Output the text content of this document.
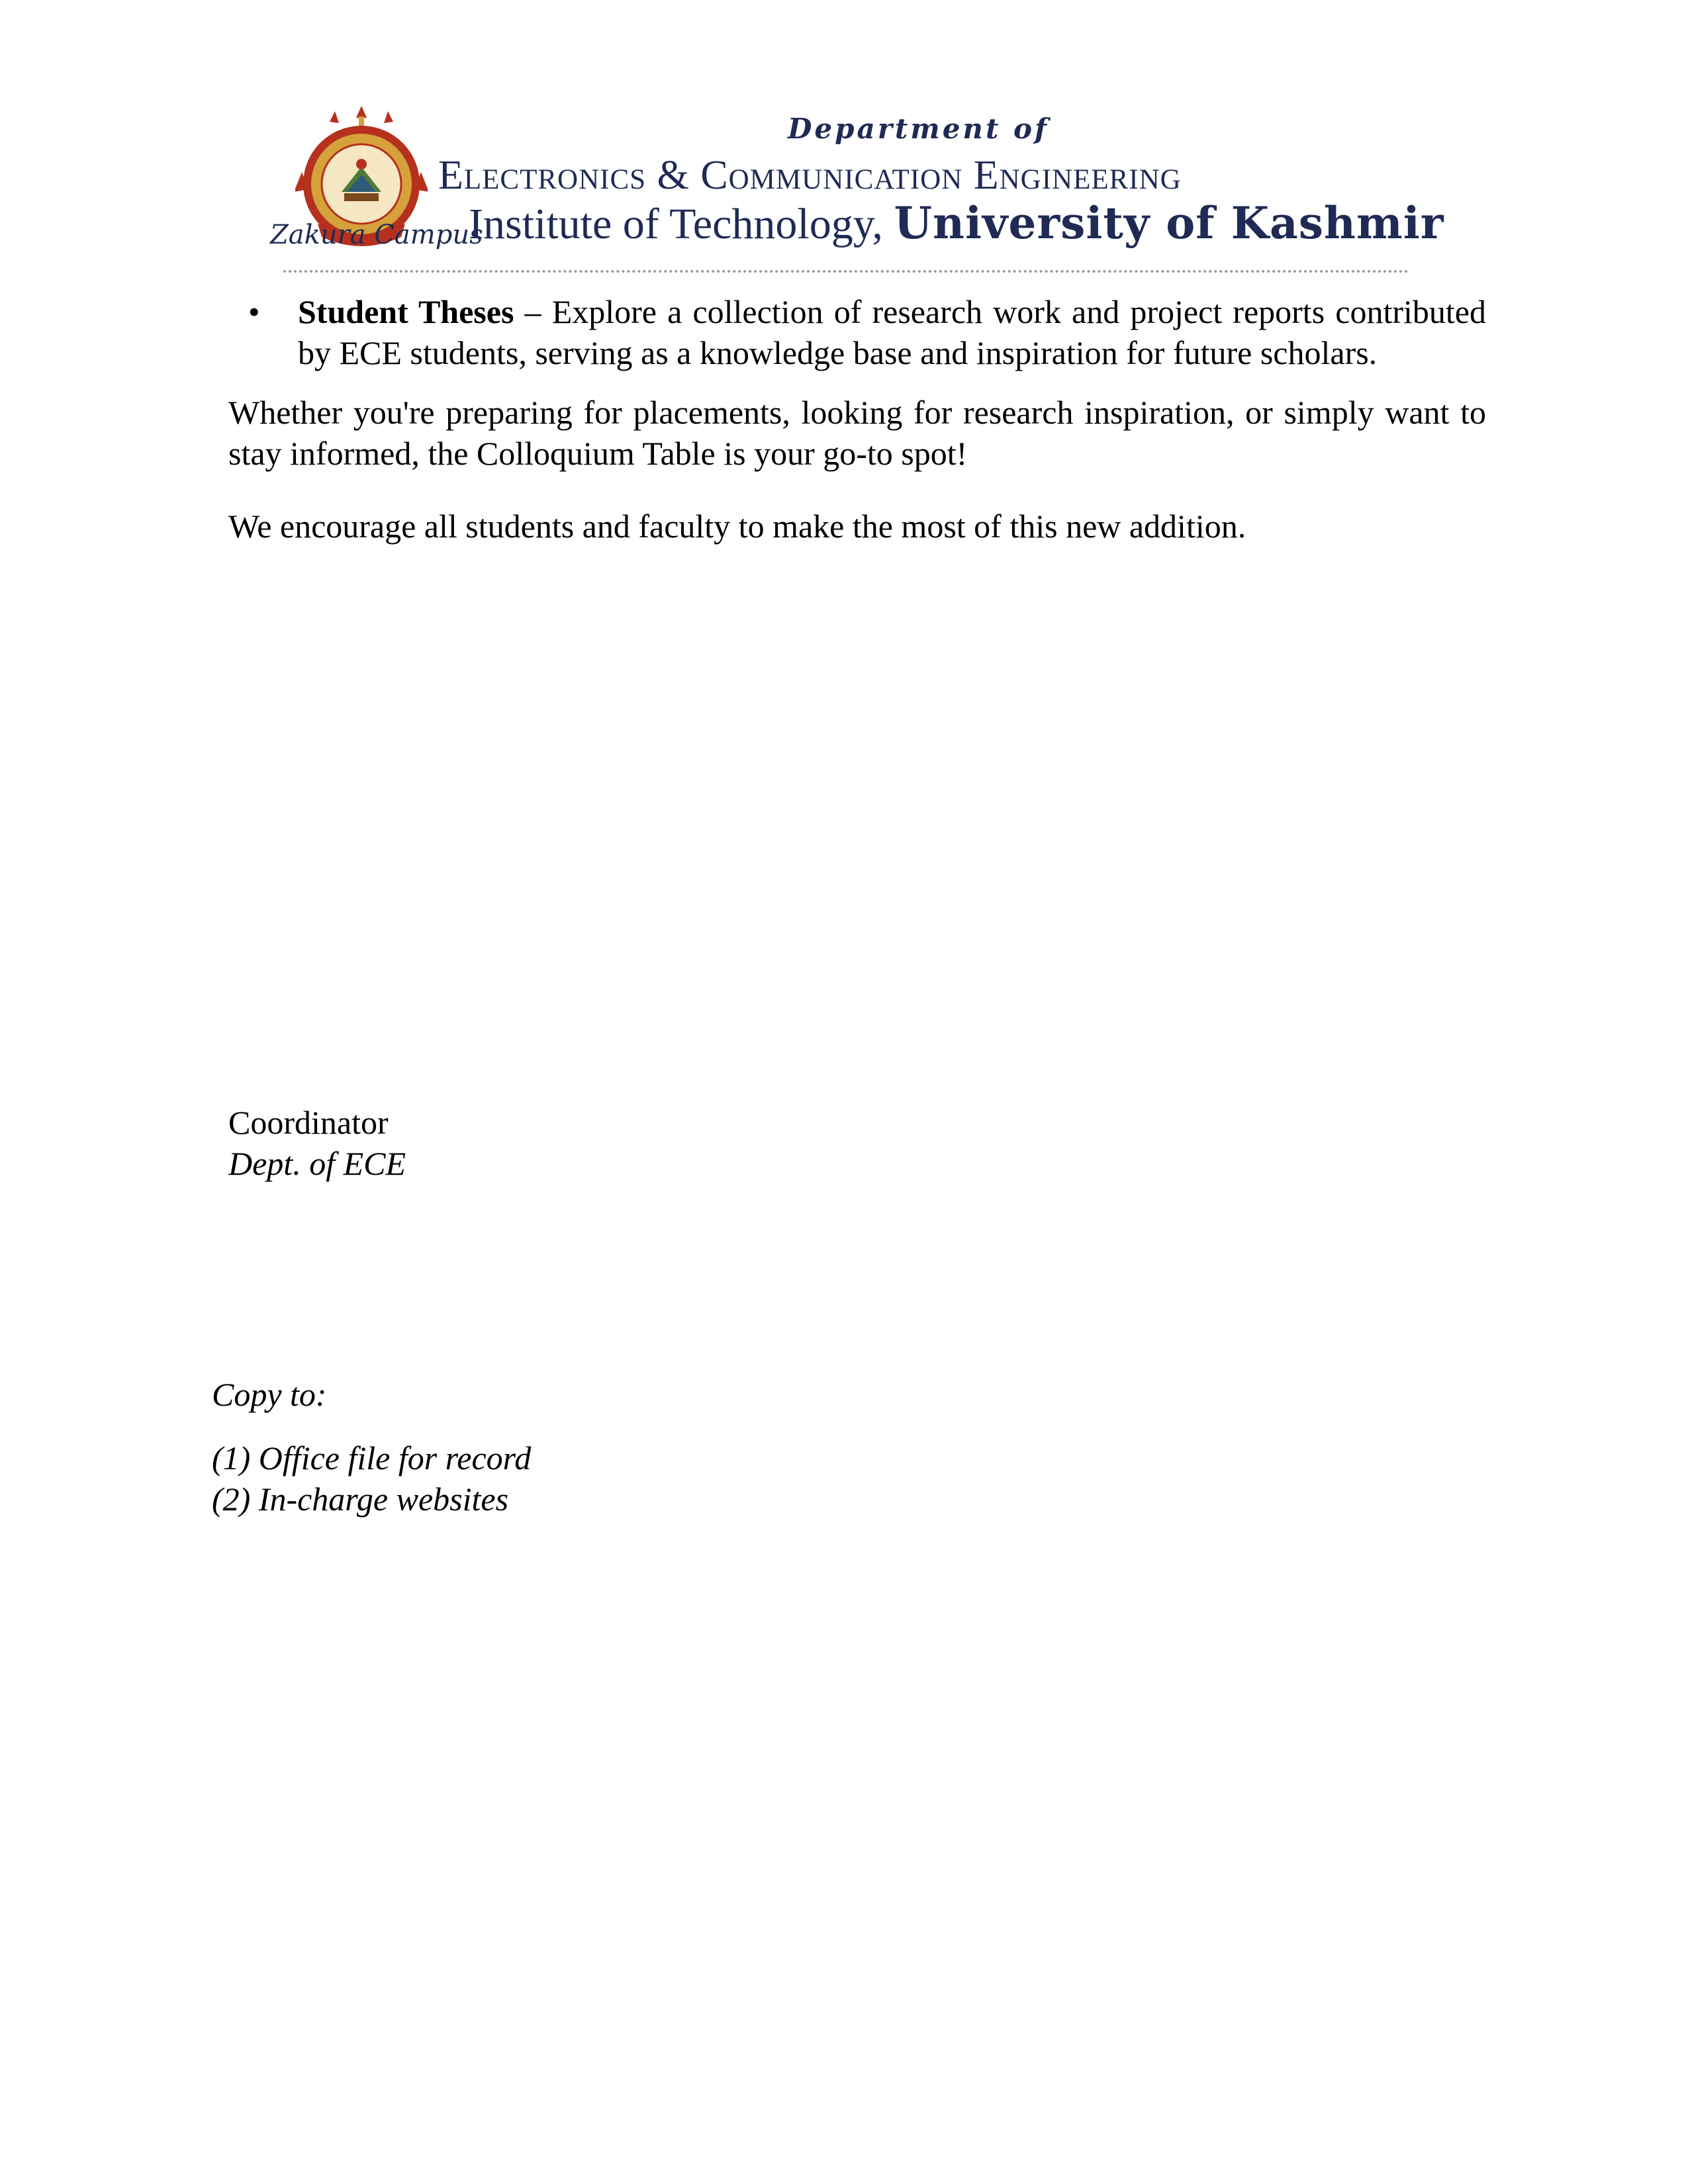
Zakura Campus
Department of
Electronics & Communication Engineering
Institute of Technology, University of Kashmir
• Student Theses – Explore a collection of research work and project reports contributed by ECE students, serving as a knowledge base and inspiration for future scholars.

Whether you're preparing for placements, looking for research inspiration, or simply want to stay informed, the Colloquium Table is your go-to spot!

We encourage all students and faculty to make the most of this new addition.

Coordinator
Dept. of ECE
Copy to:
(1) Office file for record
(2) In-charge websites
